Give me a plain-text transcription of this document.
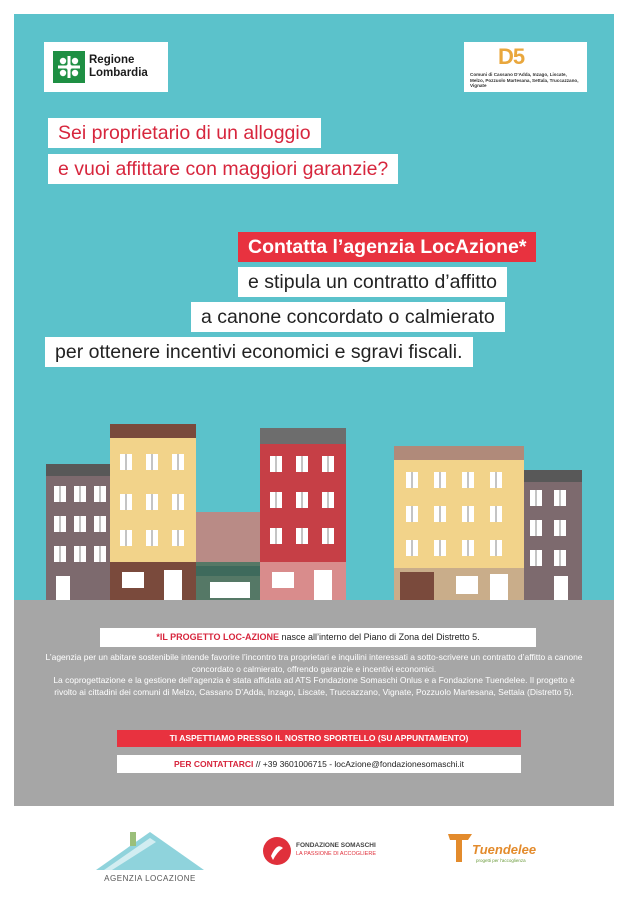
Regione
Lombardia
D5
Comuni di Cassano D'Adda, Inzago, Liscate, Melzo, Pozzuolo Martesana, Settala, Truccazzano, Vignate
Sei proprietario di un alloggio
e vuoi affittare con maggiori garanzie?
Contatta l’agenzia LocAzione*
e stipula un contratto d’affitto
a canone concordato o calmierato
per ottenere incentivi economici e sgravi fiscali.
*IL PROGETTO LOC-AZIONE nasce all’interno del Piano di Zona del Distretto 5.

L’agenzia per un abitare sostenibile intende favorire l’incontro tra proprietari e inquilini interessati a sotto-scrivere un contratto d’affitto a canone concordato o calmierato, offrendo garanzie e incentivi economici.

La coprogettazione e la gestione dell’agenzia è stata affidata ad ATS Fondazione Somaschi Onlus e a Fondazione Tuendelee. Il progetto è rivolto ai cittadini dei comuni di Melzo, Cassano D’Adda, Inzago, Liscate, Truccazzano, Vignate, Pozzuolo Martesana, Settala (Distretto 5).

TI ASPETTIAMO PRESSO IL NOSTRO SPORTELLO (SU APPUNTAMENTO)
PER CONTATTARCI // +39 3601006715 - locAzione@fondazionesomaschi.it
AGENZIA LOCAZIONE
FONDAZIONE SOMASCHI
LA PASSIONE DI ACCOGLIERE	Tuendelee
progetti per l'accoglienza
